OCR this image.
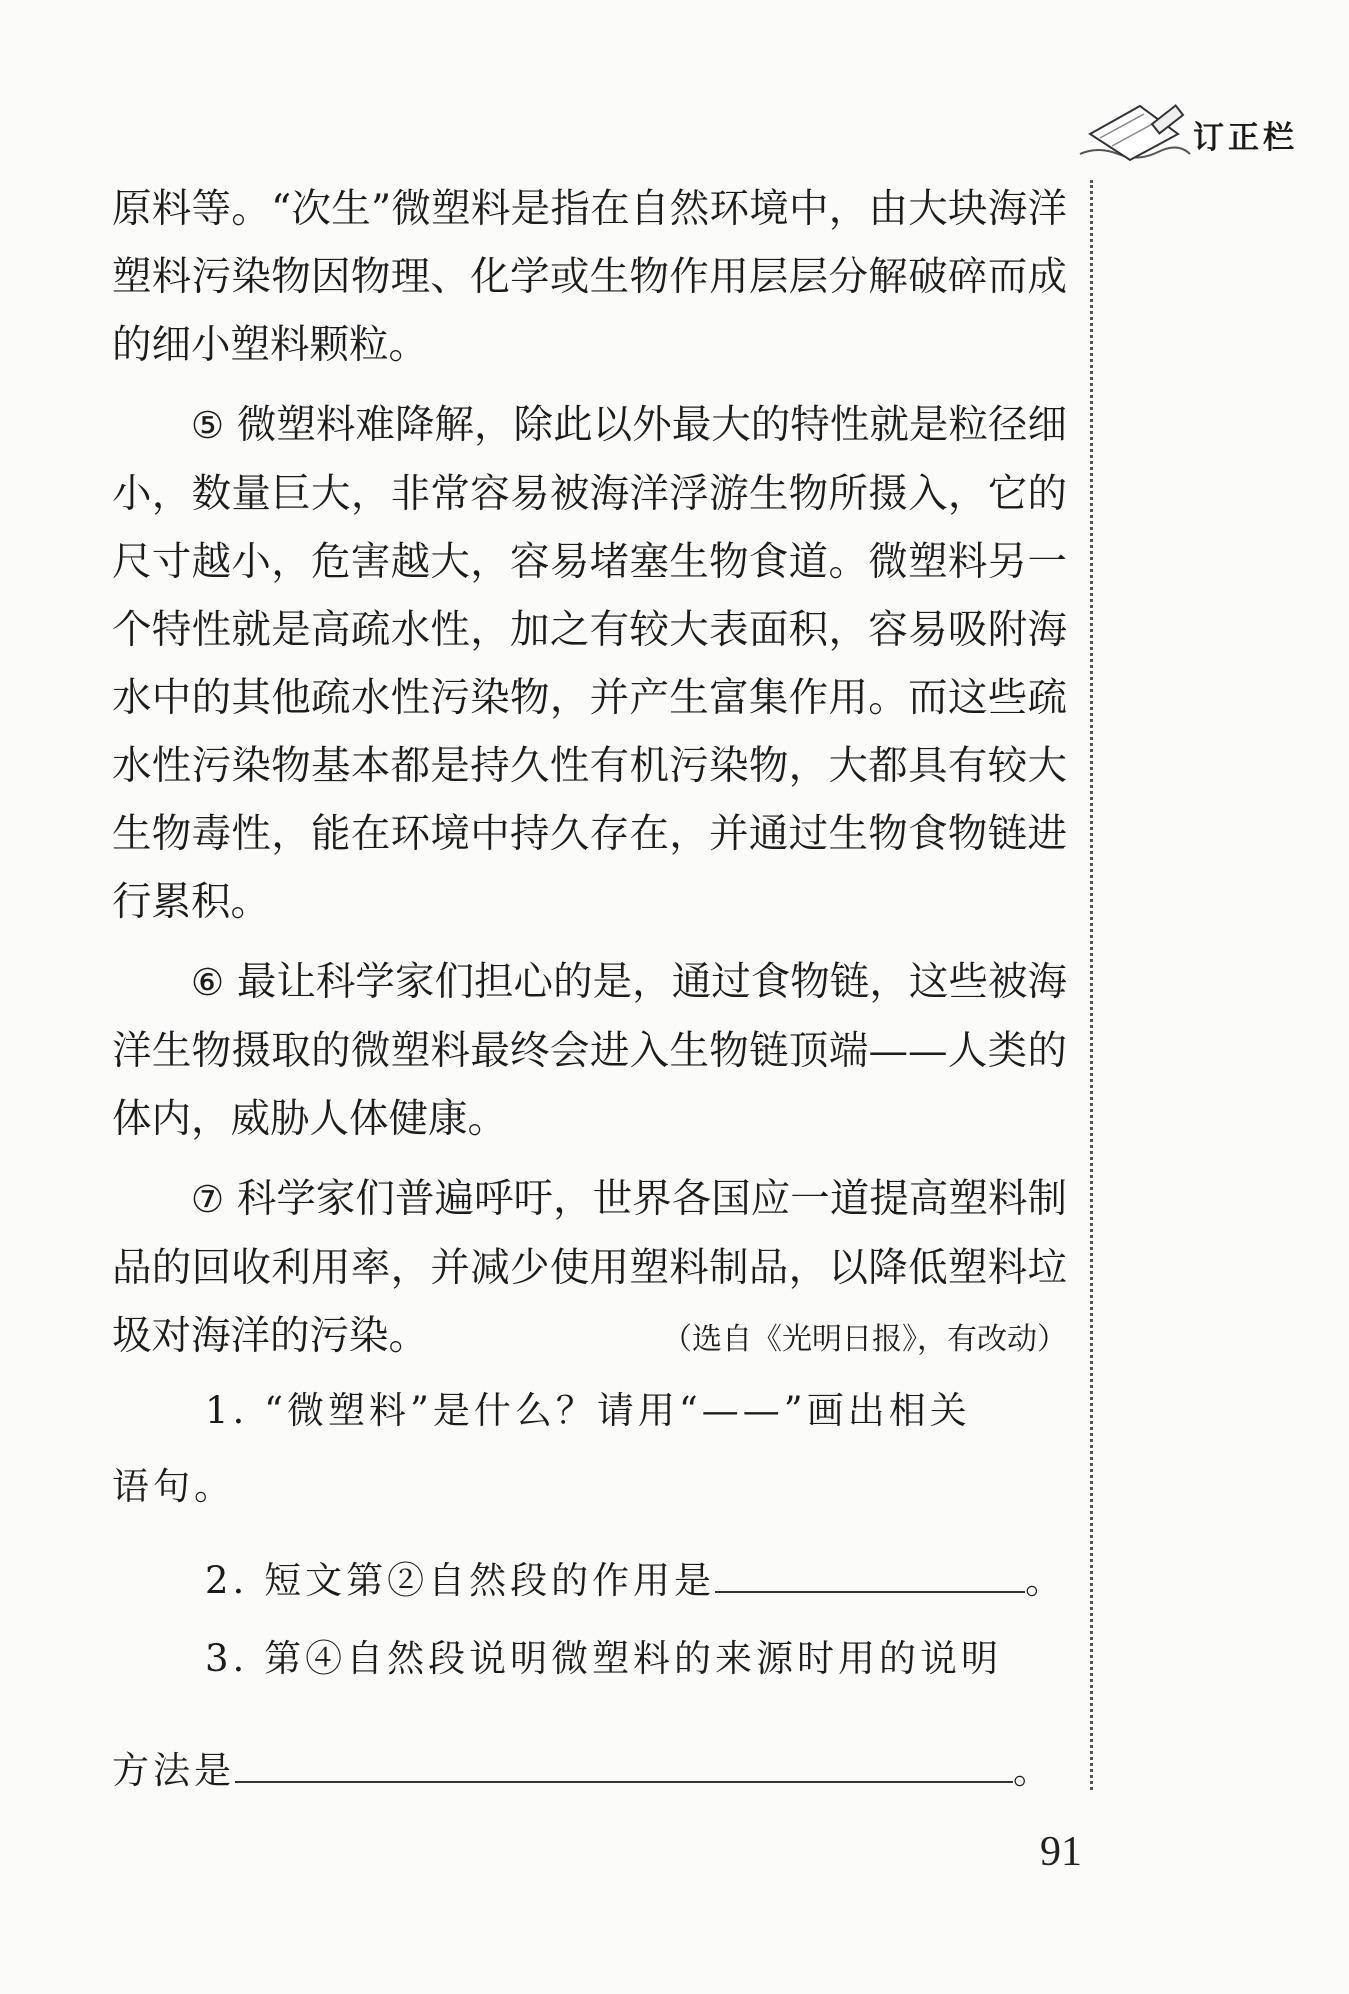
订正栏

原料等。“次生”微塑料是指在自然环境中，由大块海洋塑料污染物因物理、化学或生物作用层层分解破碎而成的细小塑料颗粒。

⑤ 微塑料难降解，除此以外最大的特性就是粒径细小，数量巨大，非常容易被海洋浮游生物所摄入，它的尺寸越小，危害越大，容易堵塞生物食道。微塑料另一个特性就是高疏水性，加之有较大表面积，容易吸附海水中的其他疏水性污染物，并产生富集作用。而这些疏水性污染物基本都是持久性有机污染物，大都具有较大生物毒性，能在环境中持久存在，并通过生物食物链进行累积。

⑥ 最让科学家们担心的是，通过食物链，这些被海洋生物摄取的微塑料最终会进入生物链顶端——人类的体内，威胁人体健康。

⑦ 科学家们普遍呼吁，世界各国应一道提高塑料制品的回收利用率，并减少使用塑料制品，以降低塑料垃圾对海洋的污染。	（选自《光明日报》，有改动）

1. “微塑料”是什么？请用“——”画出相关
语句。
2. 短文第②自然段的作用是	。
3. 第④自然段说明微塑料的来源时用的说明
方法是	。
91
